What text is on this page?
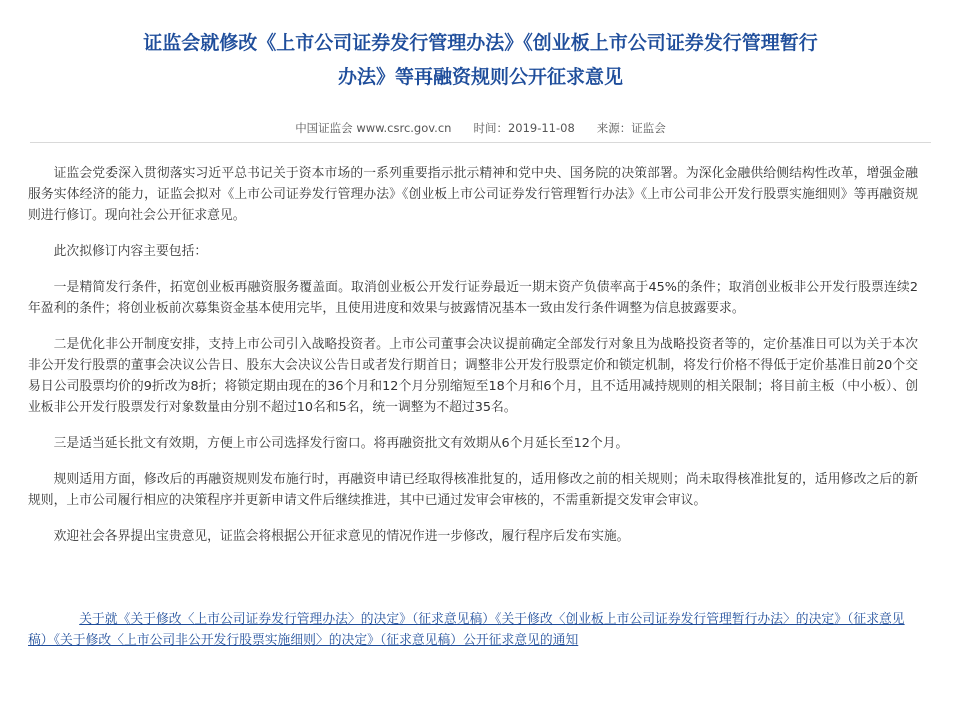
证监会就修改《上市公司证券发行管理办法》《创业板上市公司证券发行管理暂行
办法》等再融资规则公开征求意见
中国证监会 www.csrc.gov.cn 时间：2019-11-08 来源：证监会

证监会党委深入贯彻落实习近平总书记关于资本市场的一系列重要指示批示精神和党中央、国务院的决策部署。为深化金融供给侧结构性改革，增强金融服务实体经济的能力，证监会拟对《上市公司证券发行管理办法》《创业板上市公司证券发行管理暂行办法》《上市公司非公开发行股票实施细则》等再融资规则进行修订。现向社会公开征求意见。

此次拟修订内容主要包括：

一是精简发行条件，拓宽创业板再融资服务覆盖面。取消创业板公开发行证券最近一期末资产负债率高于45%的条件；取消创业板非公开发行股票连续2年盈利的条件；将创业板前次募集资金基本使用完毕，且使用进度和效果与披露情况基本一致由发行条件调整为信息披露要求。

二是优化非公开制度安排，支持上市公司引入战略投资者。上市公司董事会决议提前确定全部发行对象且为战略投资者等的，定价基准日可以为关于本次非公开发行股票的董事会决议公告日、股东大会决议公告日或者发行期首日；调整非公开发行股票定价和锁定机制，将发行价格不得低于定价基准日前20个交易日公司股票均价的9折改为8折；将锁定期由现在的36个月和12个月分别缩短至18个月和6个月，且不适用减持规则的相关限制；将目前主板（中小板）、创业板非公开发行股票发行对象数量由分别不超过10名和5名，统一调整为不超过35名。

三是适当延长批文有效期，方便上市公司选择发行窗口。将再融资批文有效期从6个月延长至12个月。

规则适用方面，修改后的再融资规则发布施行时，再融资申请已经取得核准批复的，适用修改之前的相关规则；尚未取得核准批复的，适用修改之后的新规则，上市公司履行相应的决策程序并更新申请文件后继续推进，其中已通过发审会审核的，不需重新提交发审会审议。

欢迎社会各界提出宝贵意见，证监会将根据公开征求意见的情况作进一步修改，履行程序后发布实施。

关于就《关于修改〈上市公司证券发行管理办法〉的决定》（征求意见稿）《关于修改〈创业板上市公司证券发行管理暂行办法〉的决定》（征求意见稿）《关于修改〈上市公司非公开发行股票实施细则〉的决定》（征求意见稿）公开征求意见的通知
